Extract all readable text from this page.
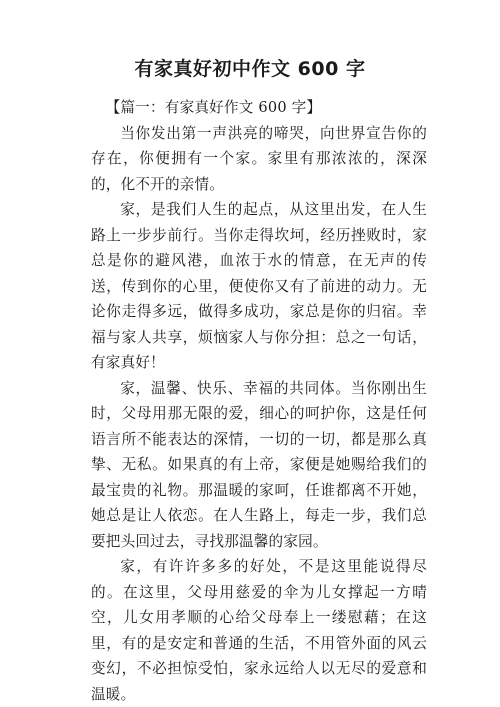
有家真好初中作文 600 字

【篇一：有家真好作文 600 字】

当你发出第一声洪亮的啼哭，向世界宣告你的存在，你便拥有一个家。家里有那浓浓的，深深的，化不开的亲情。

家，是我们人生的起点，从这里出发，在人生路上一步步前行。当你走得坎坷，经历挫败时，家总是你的避风港，血浓于水的情意，在无声的传送，传到你的心里，便使你又有了前进的动力。无论你走得多远，做得多成功，家总是你的归宿。幸福与家人共享，烦恼家人与你分担：总之一句话，有家真好！

家，温馨、快乐、幸福的共同体。当你刚出生时，父母用那无限的爱，细心的呵护你，这是任何语言所不能表达的深情，一切的一切，都是那么真挚、无私。如果真的有上帝，家便是她赐给我们的最宝贵的礼物。那温暖的家呵，任谁都离不开她，她总是让人依恋。在人生路上，每走一步，我们总要把头回过去，寻找那温馨的家园。

家，有许许多多的好处，不是这里能说得尽的。在这里，父母用慈爱的伞为儿女撑起一方晴空，儿女用孝顺的心给父母奉上一缕慰藉；在这里，有的是安定和普通的生活，不用管外面的风云变幻，不必担惊受怕，家永远给人以无尽的爱意和温暖。
